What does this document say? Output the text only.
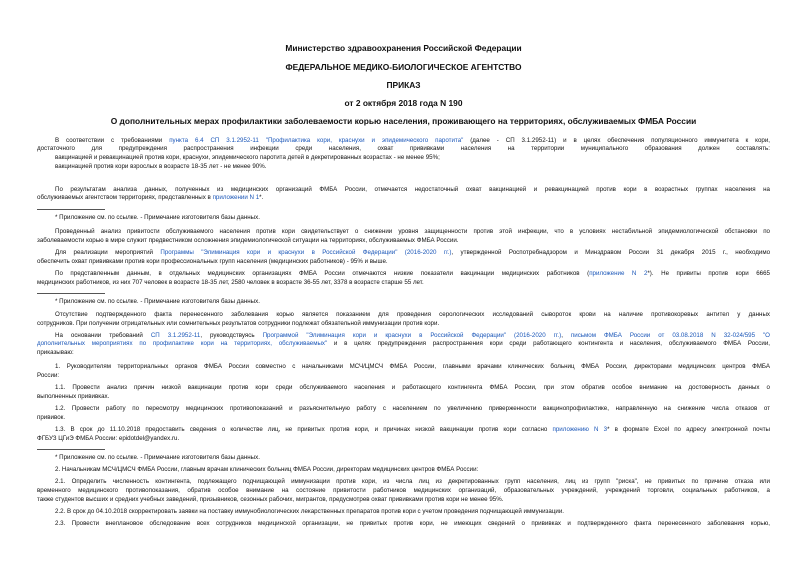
Министерство здравоохранения Российской Федерации
ФЕДЕРАЛЬНОЕ МЕДИКО-БИОЛОГИЧЕСКОЕ АГЕНТСТВО
ПРИКАЗ
от 2 октября 2018 года N 190
О дополнительных мерах профилактики заболеваемости корью населения, проживающего на территориях, обслуживаемых ФМБА России
В соответствии с требованиями пункта 6.4 СП 3.1.2952-11 "Профилактика кори, краснухи и эпидемического паротита" (далее - СП 3.1.2952-11) и в целях обеспечения популяционного иммунитета к кори,
достаточного для предупреждения распространения инфекции среди населения, охват прививками населения на территории муниципального образования должен составлять:
вакцинацией и ревакцинацией против кори, краснухи, эпидемического паротита детей в декретированных возрастах - не менее 95%;
вакцинацией против кори взрослых в возрасте 18-35 лет - не менее 90%.
По результатам анализа данных, полученных из медицинских организаций ФМБА России, отмечается недостаточный охват вакцинацией и ревакцинацией против кори в возрастных группах населения на
обслуживаемых агентством территориях, представленных в приложении N 1*.
* Приложение см. по ссылке. - Примечание изготовителя базы данных.
Проведенный анализ привитости обслуживаемого населения против кори свидетельствует о снижении уровня защищенности против этой инфекции, что в условиях нестабильной эпидемиологической обстановки по
заболеваемости корью в мире служит предвестником осложнения эпидемиологической ситуации на территориях, обслуживаемых ФМБА России.
Для реализации мероприятий Программы "Элиминация кори и краснухи в Российской Федерации" (2016-2020 гг.), утвержденной Роспотребнадзором и Минздравом России 31 декабря 2015 г., необходимо
обеспечить охват прививками против кори профессиональных групп населения (медицинских работников) - 95% и выше.
По представленным данным, в отдельных медицинских организациях ФМБА России отмечаются низкие показатели вакцинации медицинских работников (приложение N 2*). Не привиты против кори 6665
медицинских работников, из них 707 человек в возрасте 18-35 лет, 2580 человек в возрасте 36-55 лет, 3378 в возрасте старше 55 лет.
* Приложение см. по ссылке. - Примечание изготовителя базы данных.
Отсутствие подтвержденного факта перенесенного заболевания корью является показанием для проведения серологических исследований сывороток крови на наличие противокоревых антител у данных
сотрудников. При получении отрицательных или сомнительных результатов сотрудники подлежат обязательной иммунизации против кори.
На основании требований СП 3.1.2952-11, руководствуясь Программой "Элиминация кори и краснухи в Российской Федерации" (2016-2020 гг.), письмом ФМБА России от 03.08.2018 N 32-024/595 "О
дополнительных мероприятиях по профилактике кори на территориях, обслуживаемых" и в целях предупреждения распространения кори среди работающего контингента и населения, обслуживаемого ФМБА России,
приказываю:
1. Руководителям территориальных органов ФМБА России совместно с начальниками МСЧ/ЦМСЧ ФМБА России, главными врачами клинических больниц ФМБА России, директорами медицинских центров ФМБА
России:
1.1. Провести анализ причин низкой вакцинации против кори среди обслуживаемого населения и работающего контингента ФМБА России, при этом обратив особое внимание на достоверность данных о
выполненных прививках.
1.2. Провести работу по пересмотру медицинских противопоказаний и разъяснительную работу с населением по увеличению приверженности вакцинопрофилактике, направленную на снижение числа отказов от
прививок.
1.3. В срок до 11.10.2018 предоставить сведения о количестве лиц, не привитых против кори, и причинах низкой вакцинации против кори согласно приложению N 3* в формате Excel по адресу электронной почты
ФГБУЗ ЦГиЭ ФМБА России: epidotdel@yandex.ru.
* Приложение см. по ссылке. - Примечание изготовителя базы данных.
2. Начальникам МСЧ/ЦМСЧ ФМБА России, главным врачам клинических больниц ФМБА России, директорам медицинских центров ФМБА России:
2.1. Определить численность контингента, подлежащего подчищающей иммунизации против кори, из числа лиц из декретированных групп населения, лиц из групп "риска", не привитых по причине отказа или
временного медицинского противопоказания, обратив особое внимание на состояние привитости работников медицинских организаций, образовательных учреждений, учреждений торговли, социальных работников, а
также студентов высших и средних учебных заведений, призывников, сезонных рабочих, мигрантов, предусмотрев охват прививками против кори не менее 95%.
2.2. В срок до 04.10.2018 скорректировать заявки на поставку иммунобиологических лекарственных препаратов против кори с учетом проведения подчищающей иммунизации.
2.3. Провести внеплановое обследование всех сотрудников медицинской организации, не привитых против кори, не имеющих сведений о прививках и подтвержденного факта перенесенного заболевания корью,
